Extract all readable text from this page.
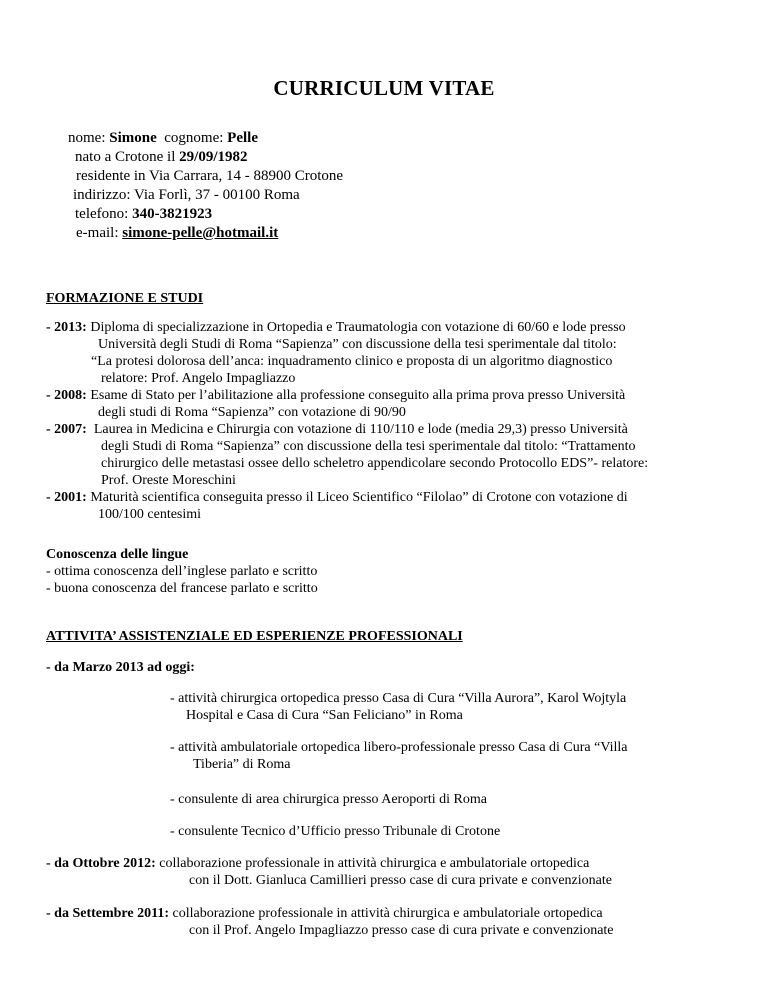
CURRICULUM VITAE
nome: Simone cognome: Pelle
nato a Crotone il 29/09/1982
residente in Via Carrara, 14 - 88900 Crotone
indirizzo: Via Forlì, 37 - 00100 Roma
telefono: 340-3821923
e-mail: simone-pelle@hotmail.it
FORMAZIONE E STUDI
- 2013: Diploma di specializzazione in Ortopedia e Traumatologia con votazione di 60/60 e lode presso
Università degli Studi di Roma “Sapienza” con discussione della tesi sperimentale dal titolo:
“La protesi dolorosa dell’anca: inquadramento clinico e proposta di un algoritmo diagnostico
relatore: Prof. Angelo Impagliazzo
- 2008: Esame di Stato per l’abilitazione alla professione conseguito alla prima prova presso Università
degli studi di Roma “Sapienza” con votazione di 90/90
- 2007: Laurea in Medicina e Chirurgia con votazione di 110/110 e lode (media 29,3) presso Università
degli Studi di Roma “Sapienza” con discussione della tesi sperimentale dal titolo: “Trattamento
chirurgico delle metastasi ossee dello scheletro appendicolare secondo Protocollo EDS”- relatore:
Prof. Oreste Moreschini
- 2001: Maturità scientifica conseguita presso il Liceo Scientifico “Filolao” di Crotone con votazione di
100/100 centesimi
Conoscenza delle lingue
- ottima conoscenza dell’inglese parlato e scritto
- buona conoscenza del francese parlato e scritto
ATTIVITA’ ASSISTENZIALE ED ESPERIENZE PROFESSIONALI
- da Marzo 2013 ad oggi:
- attività chirurgica ortopedica presso Casa di Cura “Villa Aurora”, Karol Wojtyla
Hospital e Casa di Cura “San Feliciano” in Roma
- attività ambulatoriale ortopedica libero-professionale presso Casa di Cura “Villa
Tiberia” di Roma
- consulente di area chirurgica presso Aeroporti di Roma
- consulente Tecnico d’Ufficio presso Tribunale di Crotone
- da Ottobre 2012: collaborazione professionale in attività chirurgica e ambulatoriale ortopedica
con il Dott. Gianluca Camillieri presso case di cura private e convenzionate
- da Settembre 2011: collaborazione professionale in attività chirurgica e ambulatoriale ortopedica
con il Prof. Angelo Impagliazzo presso case di cura private e convenzionate
